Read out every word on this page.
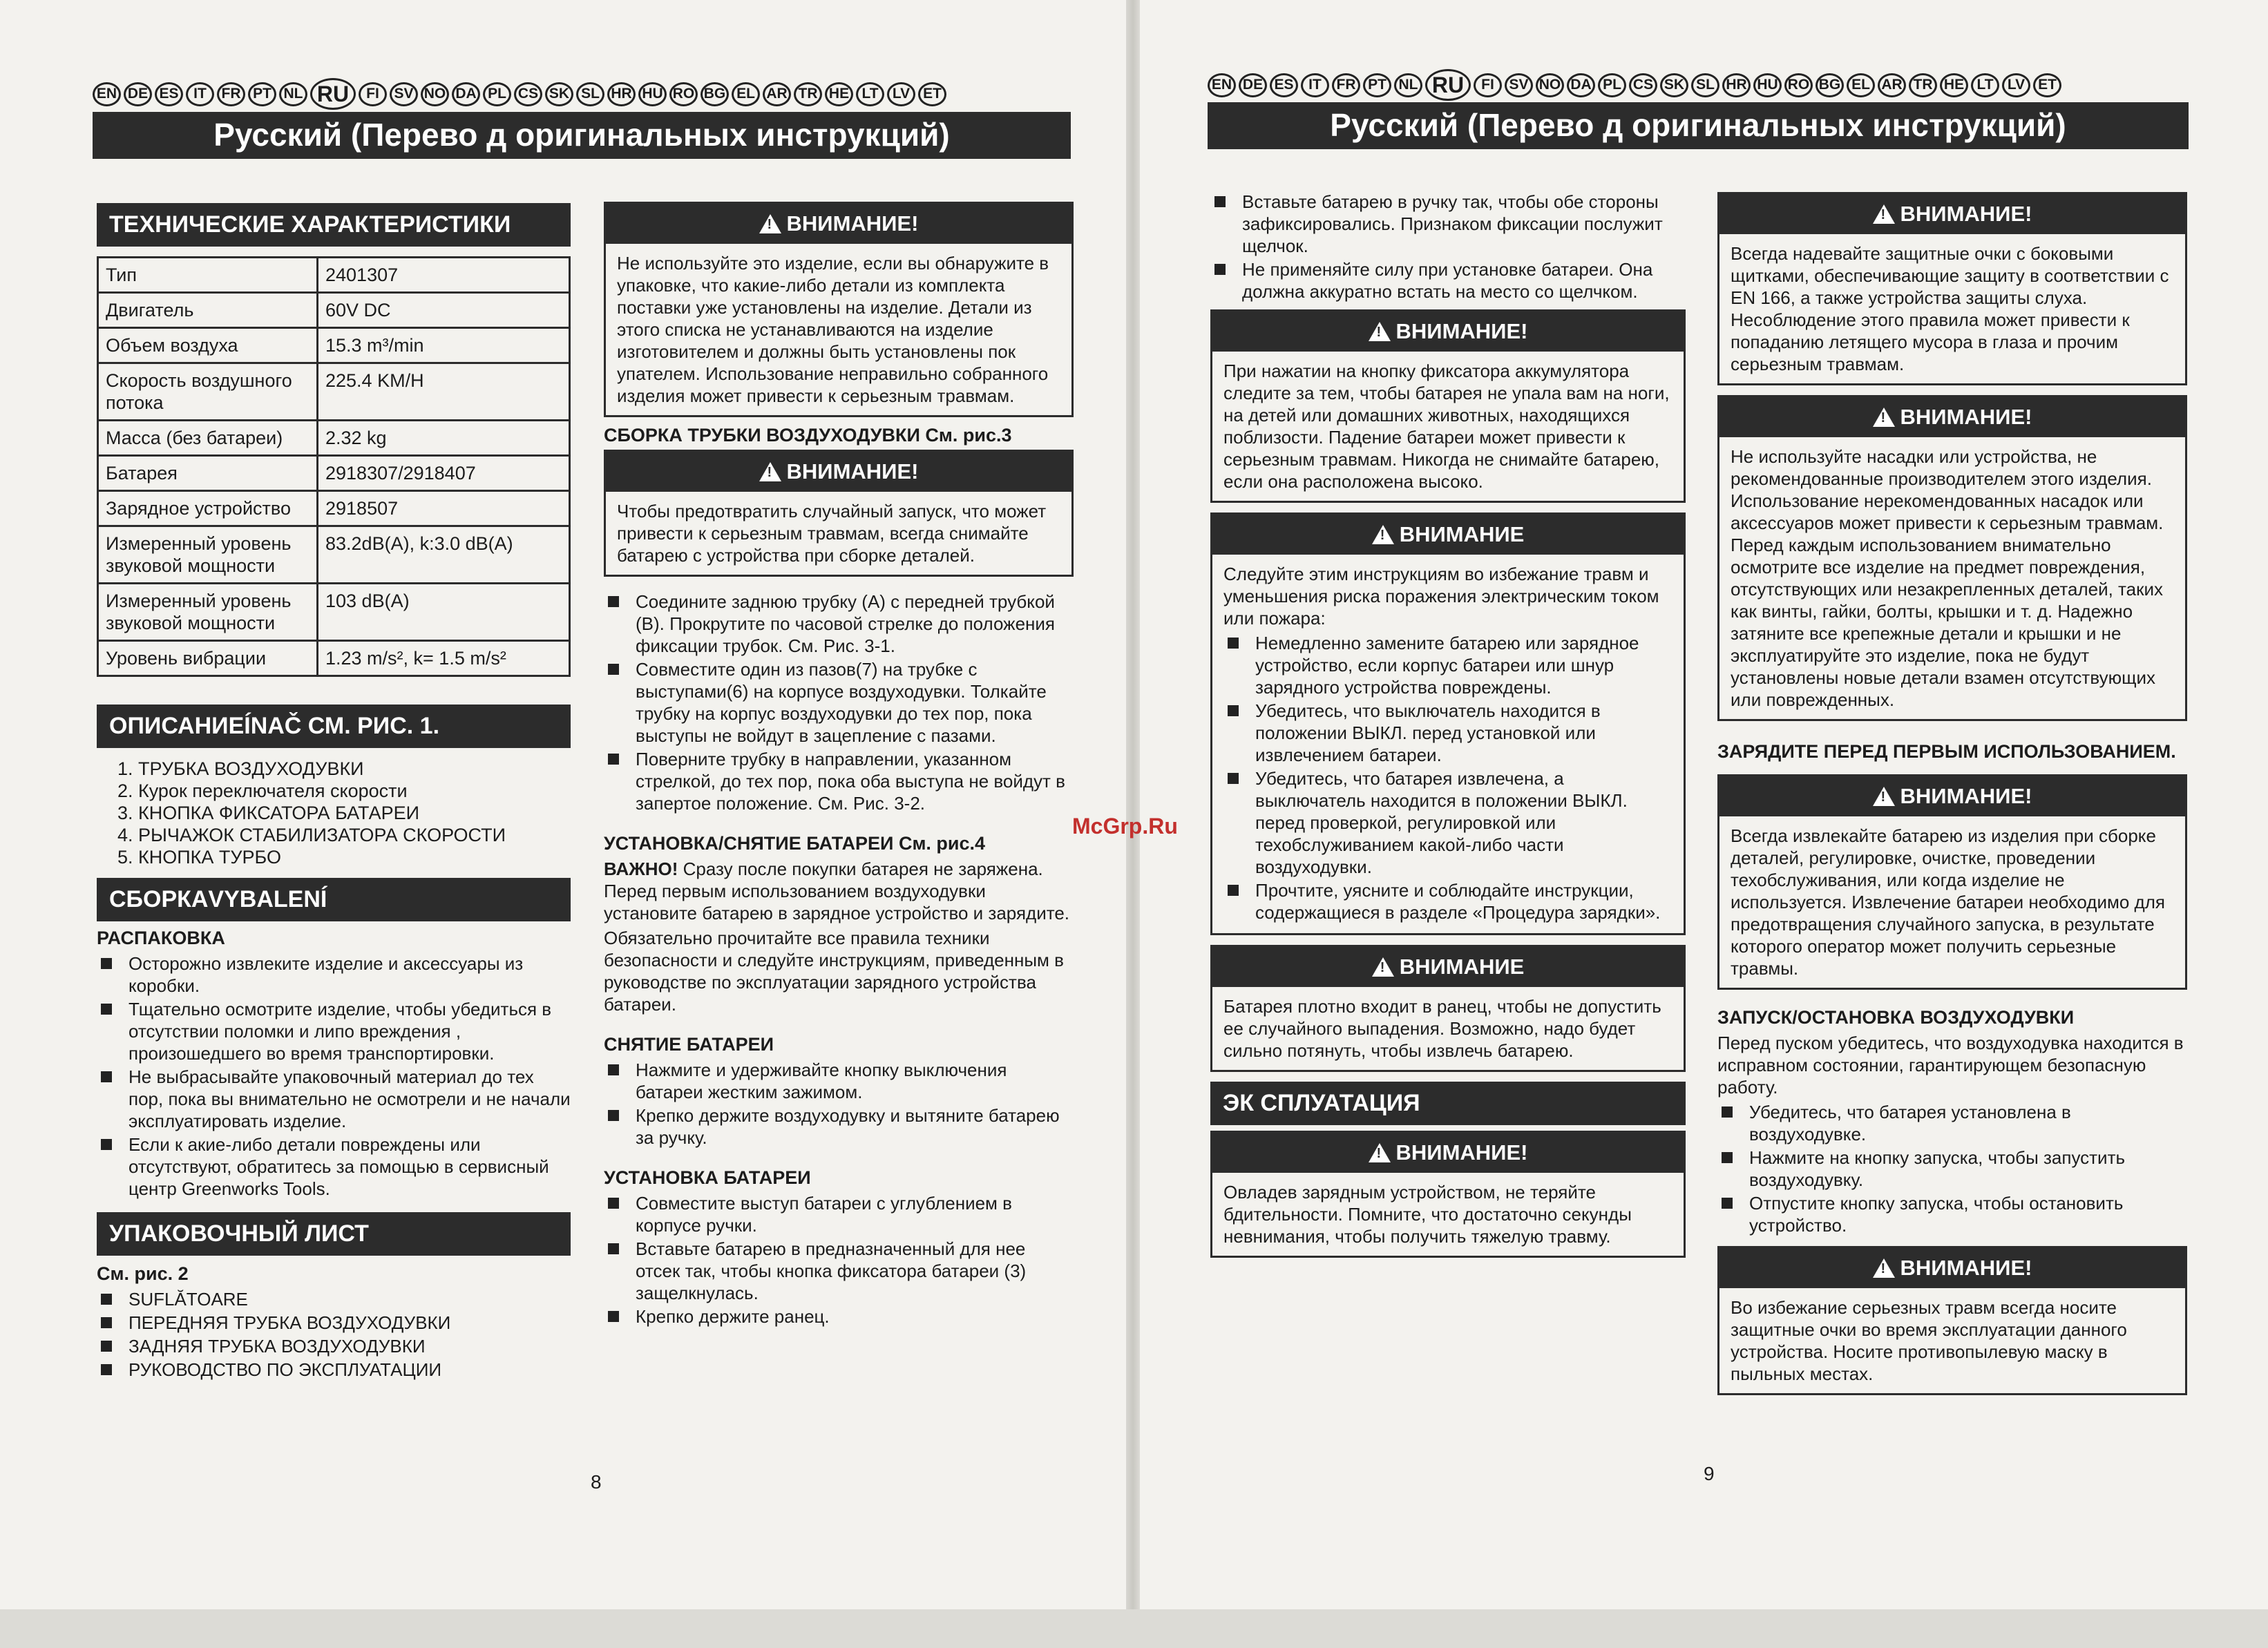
EN DE ES	IT	FR PT NL RU	FI	SV NO DA PL CS SK SL HR HU RO BG EL AR TR HE LT LV ET
EN DE ES	IT	FR PT NL RU	FI	SV NO DA PL CS SK SL HR HU RO BG EL AR TR HE LT LV ET
Русский (Перево д оригинальных инструкций)	Русский (Перево д оригинальных инструкций)
ТЕХНИЧЕСКИЕ ХАРАКТЕРИСТИКИ
Тип	2401307
Двигатель	60V DC
Объем воздуха	15.3 m³/min
Скорость воздушного потока	225.4 KM/H
Масса (без батареи)	2.32 kg
Батарея	2918307/2918407
Зарядное устройство	2918507
Измеренный уровень звуковой мощности	83.2dB(A), k:3.0 dB(A)
Измеренный уровень звуковой мощности	103 dB(A)
Уровень вибрации	1.23 m/s², k= 1.5 m/s²
ОПИСАНИЕÍNAČ СМ. РИС. 1.
1. ТРУБКА ВОЗДУХОДУВКИ
2. Курок переключателя скорости
3. КНОПКА ФИКСАТОРА БАТАРЕИ
4. РЫЧАЖОК СТАБИЛИЗАТОРА СКОРОСТИ
5. КНОПКА ТУРБО
СБОРКАVYBALENÍ
РАСПАКОВКА
Осторожно извлеките изделие и аксессуары из коробки.
Тщательно осмотрите изделие, чтобы убедиться в отсутствии поломки и липо вреждения , произошедшего во время транспортировки.
Не выбрасывайте упаковочный материал до тех пор, пока вы внимательно не осмотрели и не начали эксплуатировать изделие.
Если к акие-либо детали повреждены или отсутствуют, обратитесь за помощью в сервисный центр Greenworks Tools.
УПАКОВОЧНЫЙ ЛИСТ
См. рис. 2
SUFLĂTOARE
ПЕРЕДНЯЯ ТРУБКА ВОЗДУХОДУВКИ
ЗАДНЯЯ ТРУБКА ВОЗДУХОДУВКИ
РУКОВОДСТВО ПО ЭКСПЛУАТАЦИИ
!
ВНИМАНИЕ!
Не используйте это изделие, если вы обнаружите в упаковке, что какие-либо детали из комплекта поставки уже установлены на изделие. Детали из этого списка не устанавливаются на изделие изготовителем и должны быть установлены пок упателем. Использование неправильно собранного изделия может привести к серьезным травмам.
СБОРКА ТРУБКИ ВОЗДУХОДУВКИ См. рис.3
!
ВНИМАНИЕ!
Чтобы предотвратить случайный запуск, что может привести к серьезным травмам, всегда снимайте батарею с устройства при сборке деталей.
Соедините заднюю трубку (А) с передней трубкой (В). Прокрутите по часовой стрелке до положения фиксации трубок. См. Рис. 3-1.
Совместите один из пазов(7) на трубке с выступами(6) на корпусе воздуходувки. Толкайте трубку на корпус воздуходувки до тех пор, пока выступы не войдут в зацепление с пазами.
Поверните трубку в направлении, указанном стрелкой, до тех пор, пока оба выступа не войдут в запертое положение. См. Рис. 3-2.
УСТАНОВКА/СНЯТИЕ БАТАРЕИ См. рис.4

ВАЖНО! Сразу после покупки батарея не заряжена. Перед первым использованием воздуходувки установите батарею в зарядное устройство и зарядите.

Обязательно прочитайте все правила техники безопасности и следуйте инструкциям, приведенным в руководстве по эксплуатации зарядного устройства батареи.

СНЯТИЕ БАТАРЕИ
Нажмите и удерживайте кнопку выключения батареи жестким зажимом.
Крепко держите воздуходувку и вытяните батарею за ручку.
УСТАНОВКА БАТАРЕИ
Совместите выступ батареи с углублением в корпусе ручки.
Вставьте батарею в предназначенный для нее отсек так, чтобы кнопка фиксатора батареи (3) защелкнулась.
Крепко держите ранец.
8
Вставьте батарею в ручку так, чтобы обе стороны зафиксировались. Признаком фиксации послужит щелчок.
Не применяйте силу при установке батареи. Она должна аккуратно встать на место со щелчком.
!
ВНИМАНИЕ!
При нажатии на кнопку фиксатора аккумулятора следите за тем, чтобы батарея не упала вам на ноги, на детей или домашних животных, находящихся поблизости. Падение батареи может привести к серьезным травмам. Никогда не снимайте батарею, если она расположена высоко.
!
ВНИМАНИЕ

Следуйте этим инструкциям во избежание травм и уменьшения риска поражения электрическим током или пожара:

Немедленно замените батарею или зарядное устройство, если корпус батареи или шнур зарядного устройства повреждены.
Убедитесь, что выключатель находится в положении ВЫКЛ. перед установкой или извлечением батареи.
Убедитесь, что батарея извлечена, а выключатель находится в положении ВЫКЛ. перед проверкой, регулировкой или техобслуживанием какой-либо части воздуходувки.
Прочтите, уясните и соблюдайте инструкции, содержащиеся в разделе «Процедура зарядки».
!
ВНИМАНИЕ
Батарея плотно входит в ранец, чтобы не допустить ее случайного выпадения. Возможно, надо будет сильно потянуть, чтобы извлечь батарею.
ЭК СПЛУАТАЦИЯ
!
ВНИМАНИЕ!
Овладев зарядным устройством, не теряйте бдительности. Помните, что достаточно секунды невнимания, чтобы получить тяжелую травму.
!
ВНИМАНИЕ!
Всегда надевайте защитные очки с боковыми щитками, обеспечивающие защиту в соответствии с EN 166, а также устройства защиты слуха. Несоблюдение этого правила может привести к попаданию летящего мусора в глаза и прочим серьезным травмам.
!
ВНИМАНИЕ!
Не используйте насадки или устройства, не рекомендованные производителем этого изделия. Использование нерекомендованных насадок или аксессуаров может привести к серьезным травмам. Перед каждым использованием внимательно осмотрите все изделие на предмет повреждения, отсутствующих или незакрепленных деталей, таких как винты, гайки, болты, крышки и т. д. Надежно затяните все крепежные детали и крышки и не эксплуатируйте это изделие, пока не будут установлены новые детали взамен отсутствующих или поврежденных.
ЗАРЯДИТЕ ПЕРЕД ПЕРВЫМ ИСПОЛЬЗОВАНИЕМ.
!
ВНИМАНИЕ!
Всегда извлекайте батарею из изделия при сборке деталей, регулировке, очистке, проведении техобслуживания, или когда изделие не используется. Извлечение батареи необходимо для предотвращения случайного запуска, в результате которого оператор может получить серьезные травмы.
ЗАПУСК/ОСТАНОВКА ВОЗДУХОДУВКИ

Перед пуском убедитесь, что воздуходувка находится в исправном состоянии, гарантирующем безопасную работу.

Убедитесь, что батарея установлена в воздуходувке.
Нажмите на кнопку запуска, чтобы запустить воздуходувку.
Отпустите кнопку запуска, чтобы остановить устройство.
!
ВНИМАНИЕ!
Во избежание серьезных травм всегда носите защитные очки во время эксплуатации данного устройства. Носите противопылевую маску в пыльных местах.
9
McGrp.Ru
